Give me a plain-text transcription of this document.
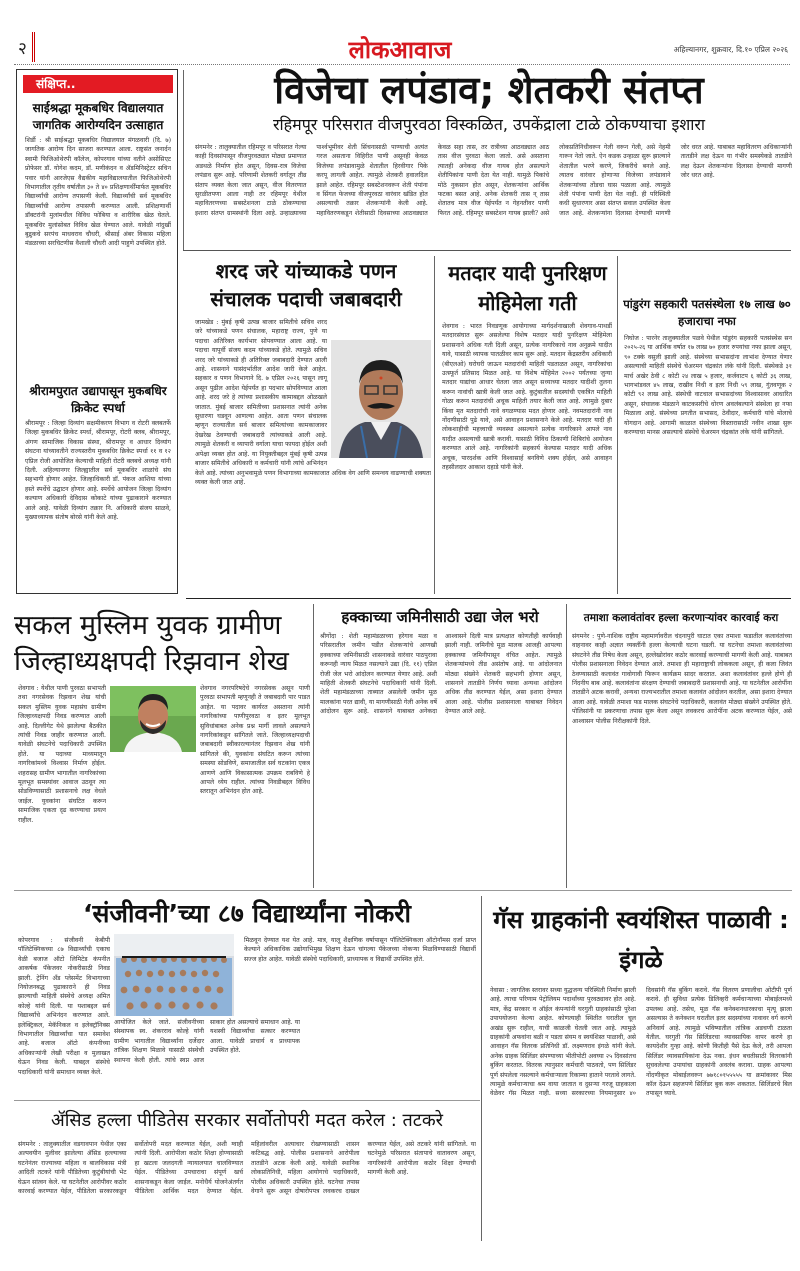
२	लोकआवाज	अहिल्यानगर, शुक्रवार, दि.१० एप्रिल २०२६
संक्षिप्त..
साईश्रद्धा मूकबधिर विद्यालयात जागतिक आरोग्यदिन उत्साहात
शिर्डी : श्री साईश्रद्धा मूकबधिर विद्यालयात मंगळवारी (दि. ७) जागतिक आरोग्य दिन साजरा करण्यात आला. राष्ट्रसंत जनार्दन स्वामी फिजिओथेरपी कॉलेज, कोपरगाव यांच्या वतीने असोसिएट प्रोफेसर डॉ. योगेश कदम, डॉ. मणीकंदन व ॲडमिनिस्ट्रेटर सचिन पवार यांनी आरजेएस वैद्यकीय महाविद्यालयातील फिजिओथेरपी विभागातील तृतीय वर्षातील ३० ते ४० प्रशिक्षणार्थींमार्फत मूकबधिर विद्यार्थ्यांची आरोग्य तपासणी केली. विद्यार्थ्यांची सर्व मूकबधिर विद्यार्थ्यांची आरोग्य तपासणी करण्यात आली. प्रशिक्षणार्थी डॉक्टरांनी मुलांमधील विविध फोबिया व शारीरिक खेळ घेतले. मूकबधिर मुलांसोबत विविध खेळ घेण्यात आले. यावेळी नांदुर्खी बुद्रुकचे सरपंच माधवराव चौधरी, श्रीसाई अंबर विकास महिला मंडळाच्या सरचिटणीस वैशाली चौधरी आदी पाहुणे उपस्थित होते.
श्रीरामपुरात उद्यापासून मुकबधिर क्रिकेट स्पर्धा
श्रीरामपूर : जिल्हा दिव्यांग सक्षमीकरण विभाग व रोटरी क्लबतर्फे जिल्हा मुकबधिर क्रिकेट स्पर्धा, श्रीरामपूर, रोटरी क्लब, श्रीरामपूर, अंगण सामाजिक विकास संस्था, श्रीरामपूर व आधार दिव्यांग संघटना यांच्यावतीने राज्यस्तरीय मुकबधिर क्रिकेट स्पर्धा ११ व १२ एप्रिल रोजी आयोजित केल्याची माहिती रोटरी क्लबचे अध्यक्ष यांनी दिली. अहिल्यानगर जिल्ह्यातील सर्व मूकबधिर शाळांचे संघ सहभागी होणार आहेत. जिल्हाधिकारी डॉ. पंकज आशिया यांच्या हस्ते स्पर्धेचे उद्घाटन होणार आहे. स्पर्धेचे आयोजन जिल्हा दिव्यांग कल्याण अधिकारी देविदास कोकाटे यांच्या पुढाकाराने करण्यात आले आहे. यावेळी दिव्यांग तक्रार नि. अधिकारी संजय साळवे, मुख्याध्यापक संतोष बोरसे यांनी केले आहे.
विजेचा लपंडाव; शेतकरी संतप्त
रहिमपूर परिसरात वीजपुरवठा विस्कळित, उपकेंद्राला टाळे ठोकण्याचा इशारा
संगमनेर : तालुक्यातील रहिमपूर व परिसरात गेल्या काही दिवसांपासून वीजपुरवठ्यात मोठ्या प्रमाणात अडथळे निर्माण होत असून, दिवस-रात्र विजेचा लपंडाव सुरू आहे. परिणामी शेतकरी वर्गातून तीव्र संताप व्यक्त केला जात असून, वीज वितरणात सुरळीतपणा आला नाही तर रहिमपूर येथील महावितरणच्या सबस्टेशनला टाळे ठोकण्याचा इशारा संतप्त ग्रामस्थांनी दिला आहे. उन्हाळ्याच्या पार्श्वभूमीवर शेती सिंचनासाठी पाण्याची अत्यंत गरज असताना विहिरीत पाणी असूनही केवळ विजेच्या लपंडावामुळे शेतातील हिरवीगार पिके करपू लागली आहेत. त्यामुळे शेतकरी हवालदिल झाले आहेत. रहिमपूर सबस्टेशनवरून शेती पंपांना व सिंगल फेजच्या वीजपुरवठा वारंवार खंडित होत असल्याची तक्रार शेतकऱ्यांनी केली आहे. महावितरणकडून शेतीसाठी दिवसाच्या आठवड्यात केवळ सहा तास, तर रात्रीच्या आठवड्यात आठ तास वीज पुरवठा केला जातो. असे असताना त्यातही अनेकदा वीज गायब होत असल्याने शेतीपिकांना पाणी देता येत नाही. यामुळे पिकांचे मोठे नुकसान होत असून, शेतकऱ्यांना आर्थिक फटका बसत आहे. अनेक शेतकरी तास न् तास शेतातच मात्र वीज येईपर्यंत न गेहनतीवर पाणी फिरत आहे. रहिमपूर सबस्टेशन गायब झाली? असे लोकप्रतिनिधीवरून गेली वरून गेली, असे नेहमी गारून नेतो जाते. ऐन कडक उन्हाळा सुरू झाल्याने शेतातील भरणे करणे, जिकरीचे बनले आहे. त्यातच वारंवार होणाऱ्या विजेच्या लपंडावाने शेतकऱ्यांच्या तोंडचा घास पळाला आहे. त्यामुळे शेती पंपांना पाणी देता येत नाही. ही परिस्थिती कधी सुधारणार असा संतप्त सवाल उपस्थित केला जात आहे. शेतकऱ्यांना दिलासा देण्याची मागणी जोर धरत आहे. याबाबत महावितरण अधिकाऱ्यांनी तातडीने लक्ष देऊन या गंभीर समस्येकडे तातडीने लक्ष देऊन शेतकऱ्यांना दिलासा देण्याची मागणी जोर धरत आहे.
शरद जरे यांच्याकडे पणन संचालक पदाची जबाबदारी
जामखेड : मुंबई कृषी उत्पन्न बाजार समितीचे सचिव शरद जरे यांच्याकडे पणन संचालक, महाराष्ट्र राज्य, पुणे या पदाचा अतिरिक्त कार्यभार सोपवण्यात आला आहे. या पदाचा यापूर्वी संजय कदम यांच्याकडे होते. त्यामुळे सचिव शरद जरे यांच्याकडे ही अतिरिक्त जबाबदारी देण्यात आली आहे. शासनाने यासंदर्भातील आदेश जारी केले आहेत. सहकार व पणन विभागाने दि. ७ एप्रिल २०२६ पासून लागू असून पुढील आदेश येईपर्यंत हा पदभार सोपविण्यात आला आहे. शरद जरे हे त्यांच्या प्रशासकीय कामाबद्दल ओळखले जातात. मुंबई बाजार समितीच्या प्रशासनात त्यांनी अनेक सुधारणा घडवून आणल्या आहेत. आता पणन संचालक म्हणून राज्यातील सर्व बाजार समित्यांच्या कामकाजावर देखरेख ठेवण्याची जबाबदारी त्यांच्याकडे आली आहे. त्यामुळे शेतकरी व व्यापारी वर्गाला याचा फायदा होईल अशी अपेक्षा व्यक्त होत आहे. या नियुक्तीबद्दल मुंबई कृषी उत्पन्न बाजार समितीचे अधिकारी व कर्मचारी यांनी त्यांचे अभिनंदन केले आहे. त्यांच्या अनुभवामुळे पणन विभागाच्या कामकाजात अधिक वेग आणि समन्वय वाढण्याची शक्यता व्यक्त केली जात आहे.
मतदार यादी पुनरिक्षण मोहिमेला गती
शेवगाव : भारत निवडणूक आयोगाच्या मार्गदर्शनाखाली शेवगाव-पाथर्डी मतदारसंघात सुरू असलेल्या विशेष मतदार यादी पुनरिक्षण मोहिमेला प्रशासनाने अधिक गती दिली असून, प्रत्येक नागरिकाचे नाव अनुक्रमे यादीत यावे, यासाठी व्यापक पातळीवर काम सुरू आहे. मतदान केंद्रस्तरीय अधिकारी (बीएलओ) घरोघरी जाऊन मतदारांची माहिती पडताळत असून, नागरिकांचा उत्स्फूर्त प्रतिसाद मिळत आहे. या विशेष मोहिमेत २००२ पर्यंतच्या जुन्या मतदार याद्यांचा आधार घेतला जात असून सध्याच्या मतदार यादीशी तुलना करून नावांची खात्री केली जात आहे. कुटुंबातील सदस्यांची एकत्रित माहिती गोळा करून मतदारांची अचूक माहिती तयार केली जात आहे. त्यामुळे दुबार किंवा मृत मतदारांची नावे वगळण्यास मदत होणार आहे. नवमतदारांनी नाव नोंदणीसाठी पुढे यावे, असे आवाहन प्रशासनाने केले आहे. मतदार यादी ही लोकशाहीची महत्त्वाची व्यवस्था असल्याने प्रत्येक नागरिकाने आपले नाव यादीत असल्याची खात्री करावी. यासाठी विविध ठिकाणी शिबिरांचे आयोजन करण्यात आले आहे. नागरिकांनी सहकार्य केल्यास मतदार यादी अधिक अचूक, पारदर्शक आणि विश्वासार्ह बनविणे शक्य होईल, असे आवाहन तहसीलदार आकाश दहाडे यांनी केले.
पांडुरंग सहकारी पतसंस्थेला १७ लाख ७० हजाराचा नफा
निघोज : पारनेर तालुक्यातील पळवे येथील पांडुरंग सहकारी पतसंस्थेस सन २०२५-२६ या आर्थिक वर्षात १७ लाख ७० हजार रुपयांचा नफा झाला असून, ९० टक्के वसुली झाली आहे. संस्थेच्या सभासदांना लाभांश देण्यात येणार असल्याची माहिती संस्थेचे चेअरमन चंद्रकांत लंके यांनी दिली. संस्थेकडे ३१ मार्च अखेर ठेवी ८ कोटी २४ लाख ५ हजार, कर्जवाटप ६ कोटी ३६ लाख, भागभांडवल ४५ लाख, राखीव निधी व इतर निधी ५९ लाख, गुंतवणूक २ कोटी ९२ लाख आहे. संस्थेची वाटचाल सभासदांच्या विश्वासावर आधारित असून, संचालक मंडळाने काटकसरीचे धोरण अवलंबल्याने संस्थेला हा नफा मिळाला आहे. संस्थेच्या प्रगतीत सभासद, ठेवीदार, कर्मचारी यांचे मोलाचे योगदान आहे. आगामी काळात संस्थेच्या विस्तारासाठी नवीन शाखा सुरू करण्याचा मानस असल्याचे संस्थेचे चेअरमन चंद्रकांत लंके यांनी सांगितले.
सकल मुस्लिम युवक ग्रामीण जिल्हाध्यक्षपदी रिझवान शेख
शेवगाव : येथील पाणी पुरवठा सभापती तथा नगरसेवक रिझवान शेख यांची सकल मुस्लिम युवक महासंघ ग्रामीण जिल्हाध्यक्षपदी निवड करण्यात आली आहे. दिल्लीगेट येथे झालेल्या बैठकीत त्यांची निवड जाहीर करण्यात आली. यावेळी संघटनेचे पदाधिकारी उपस्थित होते. या पदाच्या माध्यमातून नागरिकांमध्ये विश्वास निर्माण होईल. शहरासह ग्रामीण भागातील नागरिकांच्या मूलभूत समस्यांवर आवाज उठवून त्या सोडविण्यासाठी प्रशासनाचे लक्ष वेधले जाईल. युवकांना संघटित करून सामाजिक एकता दृढ करण्याचा प्रयत्न राहील.
शेवगाव नगरपरिषदेचे नगरसेवक असून पाणी पुरवठा सभापती म्हणूनही ते जबाबदारी पार पाडत आहेत. या पदावर कार्यरत असताना त्यांनी नागरिकांच्या पाणीपुरवठा व इतर मूलभूत सुविधांबाबत अनेक प्रश्न मार्गी लावले असल्याने नागरिकांकडून सांगितले जाते. जिल्हाध्यक्षपदाची जबाबदारी स्वीकारल्यानंतर रिझवान शेख यांनी सांगितले की, युवकांना संघटित करून त्यांच्या समस्या सोडविणे, समाजातील सर्व घटकांना एकत्र आणणे आणि विकासात्मक उपक्रम राबविणे हे आपले ध्येय राहील. त्यांच्या निवडीबद्दल विविध स्तरातून अभिनंदन होत आहे.
हक्काच्या जमिनीसाठी उद्या जेल भरो
श्रीगोंदा : शेती महामंडळाच्या हरेगाव मळा व परिसरातील जमीन पडीत शेतकऱ्यांचे आणखी हक्काच्या जमिनीसाठी शासनाकडे वारंवार पाठपुरावा करूनही न्याय मिळत नसल्याने उद्या (दि. ११) एप्रिल रोजी जेल भरो आंदोलन करण्यात येणार आहे. अशी माहिती शेतकरी संघटनेचे पदाधिकारी यांनी दिली. शेती महामंडळाच्या ताब्यात असलेली जमीन मूळ मालकांना परत द्यावी, या मागणीसाठी गेली अनेक वर्षे आंदोलन सुरू आहे. शासनाने याबाबत अनेकदा आश्वासने दिली मात्र प्रत्यक्षात कोणतीही कार्यवाही झाली नाही. जमिनीचे मूळ मालक आजही आपल्या हक्काच्या जमिनीपासून वंचित आहेत. त्यामुळे शेतकऱ्यांमध्ये तीव्र असंतोष आहे. या आंदोलनात मोठ्या संख्येने शेतकरी सहभागी होणार असून, शासनाने तातडीने निर्णय घ्यावा अन्यथा आंदोलन अधिक तीव्र करण्यात येईल, असा इशारा देण्यात आला आहे. पोलीस प्रशासनाला याबाबत निवेदन देण्यात आले आहे.
तमाशा कलावंतांवर हल्ला करणाऱ्यांवर कारवाई करा
संगमनेर : पुणे-नाशिक राष्ट्रीय महामार्गावरील चंदनापुरी घाटात एका तमाशा फडातील कलावंतांच्या वाहनावर काही अज्ञात व्यक्तींनी हल्ला केल्याची घटना घडली. या घटनेचा तमाशा कलावंतांच्या संघटनेने तीव्र निषेध केला असून, हल्लेखोरांवर कठोर कारवाई करण्याची मागणी केली आहे. याबाबत पोलीस प्रशासनाला निवेदन देण्यात आले. तमाशा ही महाराष्ट्राची लोककला असून, ही कला जिवंत ठेवण्यासाठी कलावंत गावोगावी फिरून कार्यक्रम सादर करतात. अशा कलावंतांवर हल्ले होणे ही निंदनीय बाब आहे. कलावंतांना संरक्षण देण्याची जबाबदारी प्रशासनाची आहे. या घटनेतील आरोपींना तातडीने अटक करावी, अन्यथा राज्यभरातील तमाशा कलावंत आंदोलन करतील, असा इशारा देण्यात आला आहे. यावेळी तमाशा फड मालक संघटनेचे पदाधिकारी, कलावंत मोठ्या संख्येने उपस्थित होते. पोलिसांनी या प्रकरणाचा तपास सुरू केला असून लवकरच आरोपींना अटक करण्यात येईल, असे आश्वासन पोलीस निरीक्षकांनी दिले.
‘संजीवनी’च्या ८७ विद्यार्थ्यांना नोकरी
कोपरगाव : संजीवनी केबीपी पॉलिटेक्निकच्या ८७ विद्यार्थ्यांची एकाच वेळी बजाज ऑटो लिमिटेड कंपनीत आकर्षक पॅकेजवर नोकरीसाठी निवड झाली. ट्रेनिंग अँड प्लेसमेंट विभागाच्या नियोजनबद्ध पुढाकाराने ही निवड झाल्याची माहिती संस्थेचे अध्यक्ष अमित कोल्हे यांनी दिली. या यशाबद्दल सर्व विद्यार्थ्यांचे अभिनंदन करण्यात आले. इलेक्ट्रिकल, मेकॅनिकल व इलेक्ट्रॉनिक्स विभागातील विद्यार्थ्यांचा यात समावेश आहे. बजाज ऑटो कंपनीच्या अधिकाऱ्यांनी लेखी परीक्षा व मुलाखत घेऊन निवड केली. याबद्दल संस्थेचे पदाधिकारी यांनी समाधान व्यक्त केले.
आयोजित केले जाते. संजीवनीच्या संस्थापक स्व. शंकरराव कोल्हे यांनी ग्रामीण भागातील विद्यार्थ्यांना दर्जेदार तांत्रिक शिक्षण मिळावे यासाठी संस्थेची स्थापना केली होती. त्यांचे स्वप्न आज साकार होत असल्याचे समाधान आहे. या यशस्वी विद्यार्थ्यांचा सत्कार करण्यात आला. यावेळी प्राचार्य व प्राध्यापक उपस्थित होते.
मिळवून देण्यात यश येत आहे. मात्र, यालू शैक्षणिक वर्षापासून पॉलिटेक्निकला ऑटोनॉमस दर्जा प्राप्त केल्याने अधिकाधिक उद्योगाभिमुख शिक्षण देऊन चांगल्या पॅकेजच्या नोकऱ्या मिळविण्यासाठी विद्यार्थी सज्ज होत आहेत. यावेळी संस्थेचे पदाधिकारी, प्राध्यापक व विद्यार्थी उपस्थित होते.
गॅस ग्राहकांनी स्वयंशिस्त पाळावी : इंगळे
नेवासा : जागतिक स्तरावर सध्या युद्धजन्य परिस्थिती निर्माण झाली आहे. त्याचा परिणाम पेट्रोलियम पदार्थांच्या पुरवठ्यावर होत आहे. मात्र, केंद्र सरकार व ऑईल कंपन्यांनी घरगुती ग्राहकांसाठी पुरेशा उपाययोजना केल्या आहेत. कोणत्याही स्थितीत घरातील चूल अखंड सुरू राहील, याची काळजी घेतली जात आहे. त्यामुळे ग्राहकांनी अफवांना बळी न पडता संयम व स्वयंशिस्त पाळावी, असे आवाहन गॅस वितरक प्रतिनिधी डॉ. लक्ष्मणराव इंगळे यांनी केले. अनेक ग्राहक सिलिंडर संपण्याच्या भीतीपोटी अवघ्या २५ दिवसांतच बुकिंग करतात. वितरक त्यानुसार कर्मचारी पाठवतो, पण सिलिंडर पूर्ण संपलेला नसल्याने कर्मचाऱ्याला रिकाम्या हाताने परतावे लागते. त्यामुळे कर्मचाऱ्याचा श्रम वाया जातात व दुसऱ्या गरजू ग्राहकाला वेळेवर गॅस मिळत नाही. सध्या सरकारच्या नियमानुसार ४० दिवसांनी गॅस बुकिंग करावे. गॅस वितरण प्रणालीचा ओटीपी पूर्ण करावे. ही सुविधा प्रत्येक डिलिव्हरी कर्मचाऱ्याच्या मोबाईलमध्ये उपलब्ध आहे. तसेच, मूळ गॅस कनेक्शनधारकाचा मृत्यू झाला असल्यास ते कनेक्शन घरातील इतर सदस्यांच्या नावावर वर्ग करणे अनिवार्य आहे. त्यामुळे भविष्यातील तांत्रिक अडचणी टाळता येतील. घरगुती गॅस सिलिंडरचा व्यावसायिक वापर करणे हा कायदेशीर गुन्हा आहे. कोणी कितीही पैसे देऊ केले, तरी आपला सिलिंडर व्यावसायिकांना देऊ नका. इंधन बचतीसाठी वितरकांनी सुचवलेल्या उपायांचा ग्राहकांनी अवलंब करावा. ग्राहक आपल्या नोंदणीकृत मोबाईलवरून ७७१८०१५५५५५ या क्रमांकावर मिस कॉल देऊन सहजपणे सिलिंडर बुक करू शकतात. सिलिंडरचे बिल तपासून घ्यावे.
ॲसिड हल्ला पीडितेस सरकार सर्वोतोपरी मदत करेल : तटकरे
संगमनेर : तालुक्यातील वडगावपान येथील एका अल्पवयीन मुलीवर झालेल्या ॲसिड हल्ल्याच्या घटनेनंतर राज्याच्या महिला व बालविकास मंत्री आदिती तटकरे यांनी पीडितेच्या कुटुंबीयांची भेट घेऊन सांत्वन केले. या घटनेतील आरोपीवर कठोर कारवाई करण्यात येईल, पीडितेला सरकारकडून सर्वोतोपरी मदत करण्यात येईल, अशी ग्वाही त्यांनी दिली. आरोपीला कठोर शिक्षा होण्यासाठी हा खटला जलदगती न्यायालयात चालविण्यात येईल. पीडितेच्या उपचाराचा संपूर्ण खर्च शासनाकडून केला जाईल. मनोधैर्य योजनेअंतर्गत पीडितेला आर्थिक मदत देण्यात येईल. महिलांवरील अत्याचार रोखण्यासाठी शासन कटिबद्ध आहे. पोलीस प्रशासनाने आरोपीला तातडीने अटक केली आहे. यावेळी स्थानिक लोकप्रतिनिधी, महिला आयोगाचे पदाधिकारी, पोलीस अधिकारी उपस्थित होते. घटनेचा तपास वेगाने सुरू असून दोषारोपपत्र लवकरच दाखल करण्यात येईल, असे तटकरे यांनी सांगितले. या घटनेमुळे परिसरात संतापाचे वातावरण असून, नागरिकांनी आरोपीला कठोर शिक्षा देण्याची मागणी केली आहे.
